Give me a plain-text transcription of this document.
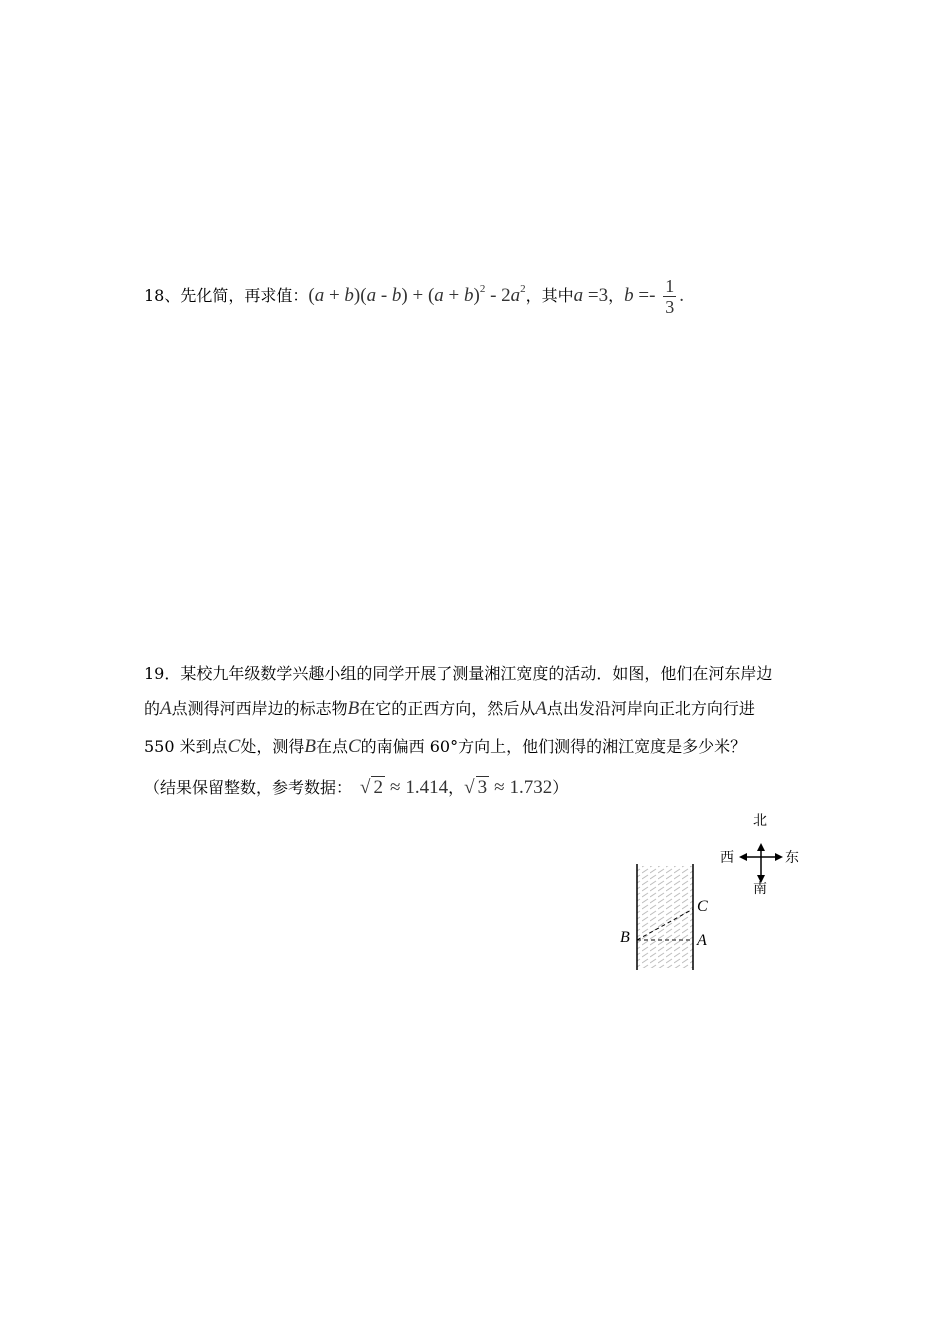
18、先化简，再求值：$(a + b)(a - b) + (a + b)^2 - 2a^2$，其中a =3，$b =- \frac{1}{3}$ .
19．某校九年级数学兴趣小组的同学开展了测量湘江宽度的活动．如图，他们在河东岸边
的A点测得河西岸边的标志物B在它的正西方向，然后从A点出发沿河岸向正北方向行进
550 米到点C处，测得B在点C的南偏西 60°方向上，他们测得的湘江宽度是多少米？
（结果保留整数，参考数据： √ 2 ≈ 1.414，√ 3 ≈ 1.732）
B	A
C
北
南
西	东
